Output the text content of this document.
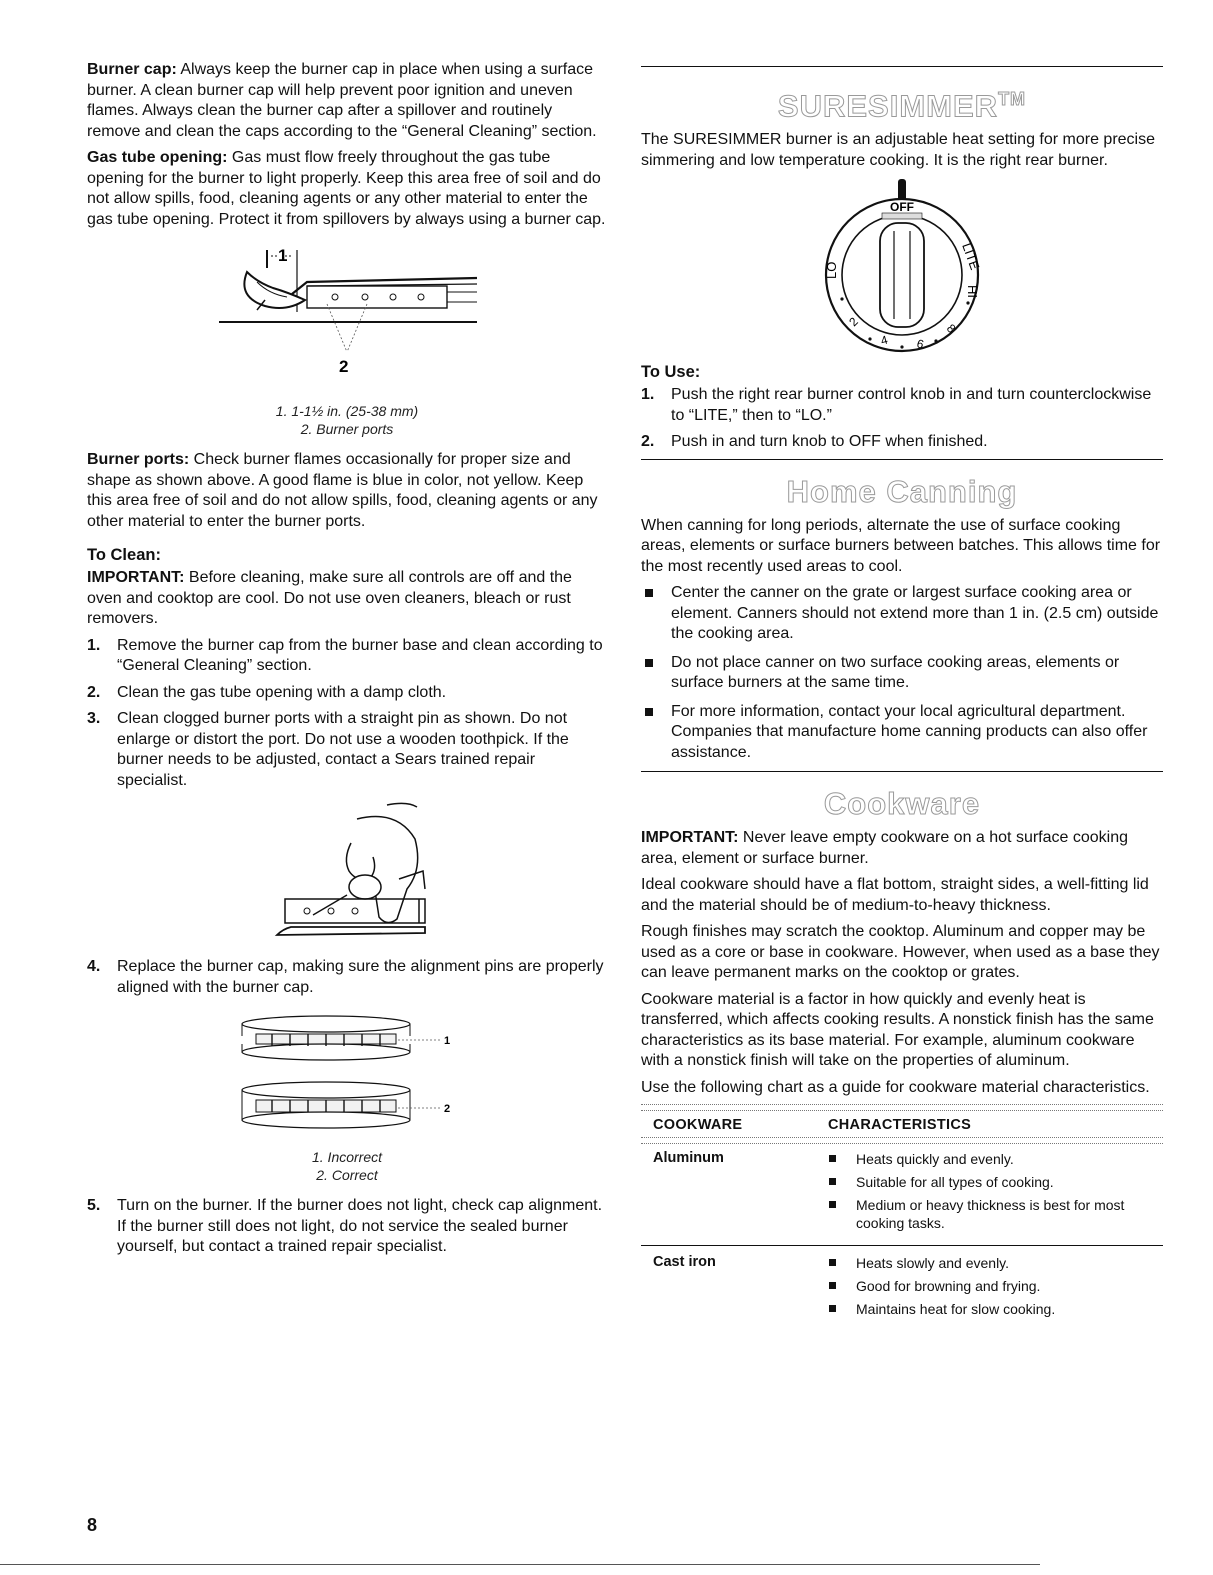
Burner cap: Always keep the burner cap in place when using a surface burner. A clean burner cap will help prevent poor ignition and uneven flames. Always clean the burner cap after a spillover and routinely remove and clean the caps according to the “General Cleaning” section.

Gas tube opening: Gas must flow freely throughout the gas tube opening for the burner to light properly. Keep this area free of soil and do not allow spills, food, cleaning agents or any other material to enter the gas tube opening. Protect it from spillovers by always using a burner cap.

1
2
1. 1-1½ in. (25-38 mm)
2. Burner ports

Burner ports: Check burner flames occasionally for proper size and shape as shown above. A good flame is blue in color, not yellow. Keep this area free of soil and do not allow spills, food, cleaning agents or any other material to enter the burner ports.

To Clean:

IMPORTANT: Before cleaning, make sure all controls are off and the oven and cooktop are cool. Do not use oven cleaners, bleach or rust removers.

1. Remove the burner cap from the burner base and clean according to “General Cleaning” section.
2. Clean the gas tube opening with a damp cloth.
3. Clean clogged burner ports with a straight pin as shown. Do not enlarge or distort the port. Do not use a wooden toothpick. If the burner needs to be adjusted, contact a Sears trained repair specialist.
4. Replace the burner cap, making sure the alignment pins are properly aligned with the burner cap.
1
2
1. Incorrect
2. Correct
5. Turn on the burner. If the burner does not light, check cap alignment. If the burner still does not light, do not service the sealed burner yourself, but contact a trained repair specialist.
SURESIMMER™

The SURESIMMER burner is an adjustable heat setting for more precise simmering and low temperature cooking. It is the right rear burner.

OFF
LITE
HI
LO
2
4 6
8
To Use:
1. Push the right rear burner control knob in and turn counterclockwise to “LITE,” then to “LO.”
2. Push in and turn knob to OFF when finished.
Home Canning

When canning for long periods, alternate the use of surface cooking areas, elements or surface burners between batches. This allows time for the most recently used areas to cool.

Center the canner on the grate or largest surface cooking area or element. Canners should not extend more than 1 in. (2.5 cm) outside the cooking area.
Do not place canner on two surface cooking areas, elements or surface burners at the same time.
For more information, contact your local agricultural department. Companies that manufacture home canning products can also offer assistance.
Cookware

IMPORTANT: Never leave empty cookware on a hot surface cooking area, element or surface burner.

Ideal cookware should have a flat bottom, straight sides, a well-fitting lid and the material should be of medium-to-heavy thickness.

Rough finishes may scratch the cooktop. Aluminum and copper may be used as a core or base in cookware. However, when used as a base they can leave permanent marks on the cooktop or grates.

Cookware material is a factor in how quickly and evenly heat is transferred, which affects cooking results. A nonstick finish has the same characteristics as its base material. For example, aluminum cookware with a nonstick finish will take on the properties of aluminum.

Use the following chart as a guide for cookware material characteristics.

COOKWARE	CHARACTERISTICS
Aluminum	Heats quickly and evenly.
Suitable for all types of cooking.
Medium or heavy thickness is best for most cooking tasks.
Cast iron	Heats slowly and evenly.
Good for browning and frying.
Maintains heat for slow cooking.
8
